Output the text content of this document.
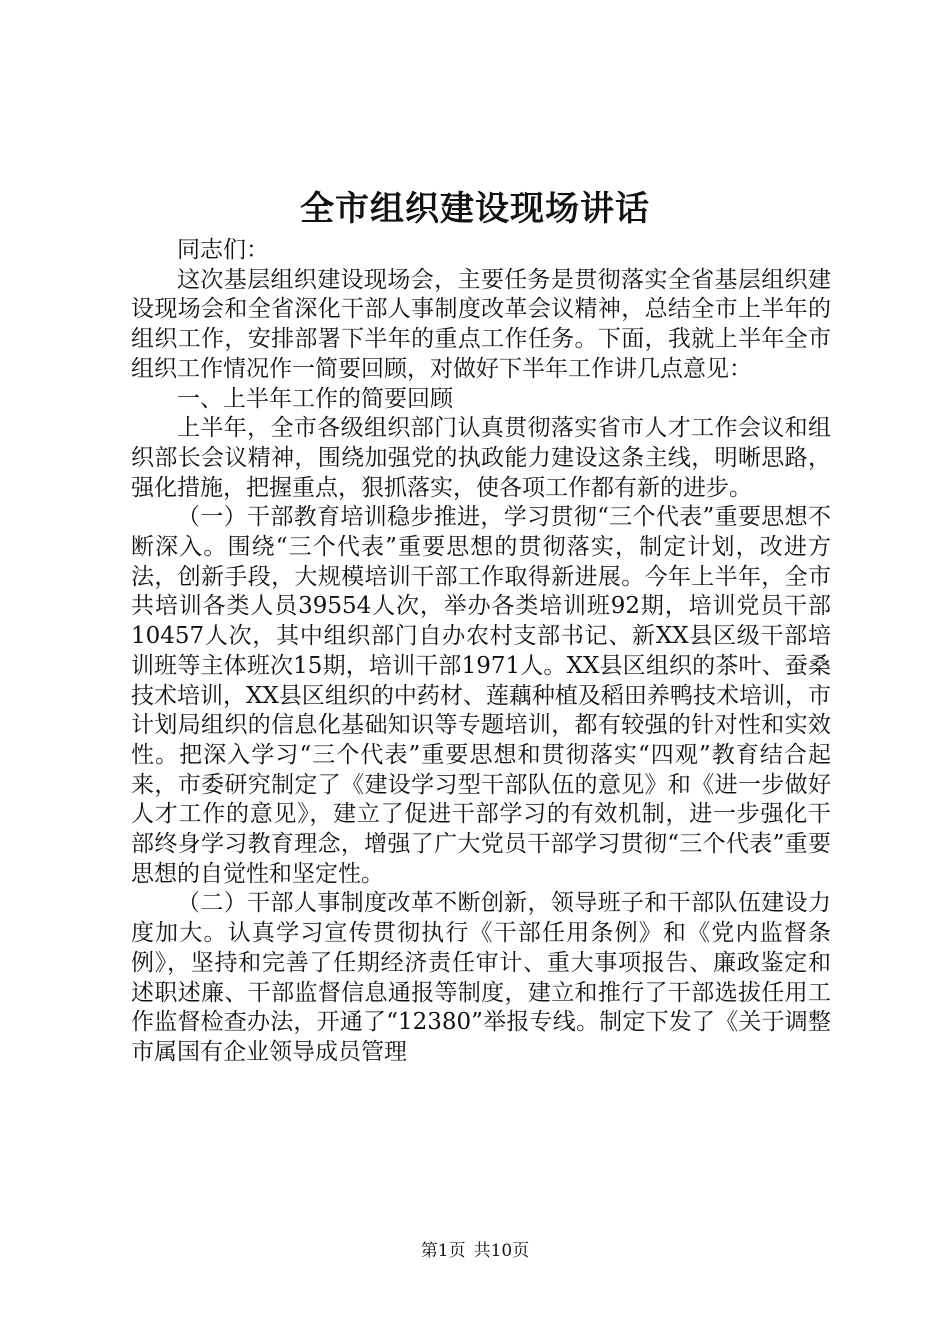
全市组织建设现场讲话

同志们：

这次基层组织建设现场会，主要任务是贯彻落实全省基层组织建设现场会和全省深化干部人事制度改革会议精神，总结全市上半年的组织工作，安排部署下半年的重点工作任务。下面，我就上半年全市组织工作情况作一简要回顾，对做好下半年工作讲几点意见：

一、上半年工作的简要回顾

上半年，全市各级组织部门认真贯彻落实省市人才工作会议和组织部长会议精神，围绕加强党的执政能力建设这条主线，明晰思路，强化措施，把握重点，狠抓落实，使各项工作都有新的进步。

（一）干部教育培训稳步推进，学习贯彻“三个代表”重要思想不断深入。围绕“三个代表”重要思想的贯彻落实，制定计划，改进方法，创新手段，大规模培训干部工作取得新进展。今年上半年，全市共培训各类人员39554人次，举办各类培训班92期，培训党员干部10457人次，其中组织部门自办农村支部书记、新XX县区级干部培训班等主体班次15期，培训干部1971人。XX县区组织的茶叶、蚕桑技术培训，XX县区组织的中药材、莲藕种植及稻田养鸭技术培训，市计划局组织的信息化基础知识等专题培训，都有较强的针对性和实效性。把深入学习“三个代表”重要思想和贯彻落实“四观”教育结合起来，市委研究制定了《建设学习型干部队伍的意见》和《进一步做好人才工作的意见》，建立了促进干部学习的有效机制，进一步强化干部终身学习教育理念，增强了广大党员干部学习贯彻“三个代表”重要思想的自觉性和坚定性。

（二）干部人事制度改革不断创新，领导班子和干部队伍建设力度加大。认真学习宣传贯彻执行《干部任用条例》和《党内监督条例》，坚持和完善了任期经济责任审计、重大事项报告、廉政鉴定和述职述廉、干部监督信息通报等制度，建立和推行了干部选拔任用工作监督检查办法，开通了“12380”举报专线。制定下发了《关于调整市属国有企业领导成员管理

第1页 共10页
